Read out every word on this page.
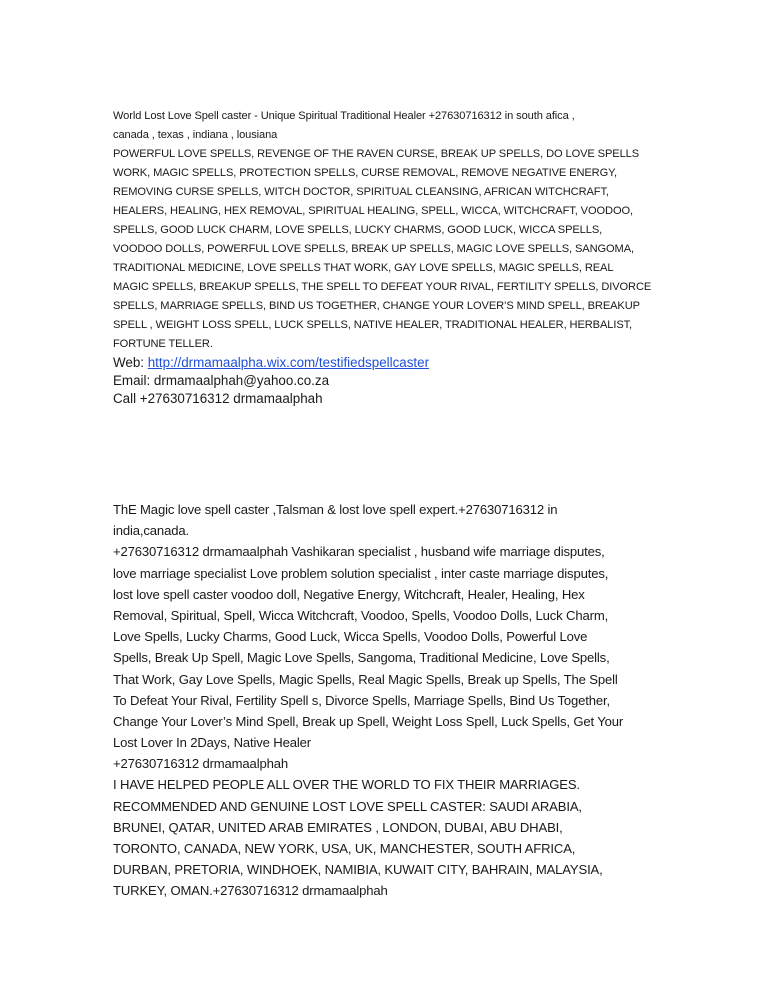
World Lost Love Spell caster - Unique Spiritual Traditional Healer +27630716312 in south afica ,
canada , texas , indiana , lousiana
POWERFUL LOVE SPELLS, REVENGE OF THE RAVEN CURSE, BREAK UP SPELLS, DO LOVE SPELLS
WORK, MAGIC SPELLS, PROTECTION SPELLS, CURSE REMOVAL, REMOVE NEGATIVE ENERGY,
REMOVING CURSE SPELLS, WITCH DOCTOR, SPIRITUAL CLEANSING, AFRICAN WITCHCRAFT,
HEALERS, HEALING, HEX REMOVAL, SPIRITUAL HEALING, SPELL, WICCA, WITCHCRAFT, VOODOO,
SPELLS, GOOD LUCK CHARM, LOVE SPELLS, LUCKY CHARMS, GOOD LUCK, WICCA SPELLS,
VOODOO DOLLS, POWERFUL LOVE SPELLS, BREAK UP SPELLS, MAGIC LOVE SPELLS, SANGOMA,
TRADITIONAL MEDICINE, LOVE SPELLS THAT WORK, GAY LOVE SPELLS, MAGIC SPELLS, REAL
MAGIC SPELLS, BREAKUP SPELLS, THE SPELL TO DEFEAT YOUR RIVAL, FERTILITY SPELLS, DIVORCE
SPELLS, MARRIAGE SPELLS, BIND US TOGETHER, CHANGE YOUR LOVER’S MIND SPELL, BREAKUP
SPELL , WEIGHT LOSS SPELL, LUCK SPELLS, NATIVE HEALER, TRADITIONAL HEALER, HERBALIST,
FORTUNE TELLER.
Web: http://drmamaalpha.wix.com/testifiedspellcaster
Email: drmamaalphah@yahoo.co.za
Call +27630716312 drmamaalphah
ThE Magic love spell caster ,Talsman & lost love spell expert.+27630716312 in
india,canada.
+27630716312 drmamaalphah Vashikaran specialist , husband wife marriage disputes,
love marriage specialist Love problem solution specialist , inter caste marriage disputes,
lost love spell caster voodoo doll, Negative Energy, Witchcraft, Healer, Healing, Hex
Removal, Spiritual, Spell, Wicca Witchcraft, Voodoo, Spells, Voodoo Dolls, Luck Charm,
Love Spells, Lucky Charms, Good Luck, Wicca Spells, Voodoo Dolls, Powerful Love
Spells, Break Up Spell, Magic Love Spells, Sangoma, Traditional Medicine, Love Spells,
That Work, Gay Love Spells, Magic Spells, Real Magic Spells, Break up Spells, The Spell
To Defeat Your Rival, Fertility Spell s, Divorce Spells, Marriage Spells, Bind Us Together,
Change Your Lover’s Mind Spell, Break up Spell, Weight Loss Spell, Luck Spells, Get Your
Lost Lover In 2Days, Native Healer
+27630716312 drmamaalphah
I HAVE HELPED PEOPLE ALL OVER THE WORLD TO FIX THEIR MARRIAGES.
RECOMMENDED AND GENUINE LOST LOVE SPELL CASTER: SAUDI ARABIA,
BRUNEI, QATAR, UNITED ARAB EMIRATES , LONDON, DUBAI, ABU DHABI,
TORONTO, CANADA, NEW YORK, USA, UK, MANCHESTER, SOUTH AFRICA,
DURBAN, PRETORIA, WINDHOEK, NAMIBIA, KUWAIT CITY, BAHRAIN, MALAYSIA,
TURKEY, OMAN.+27630716312 drmamaalphah
